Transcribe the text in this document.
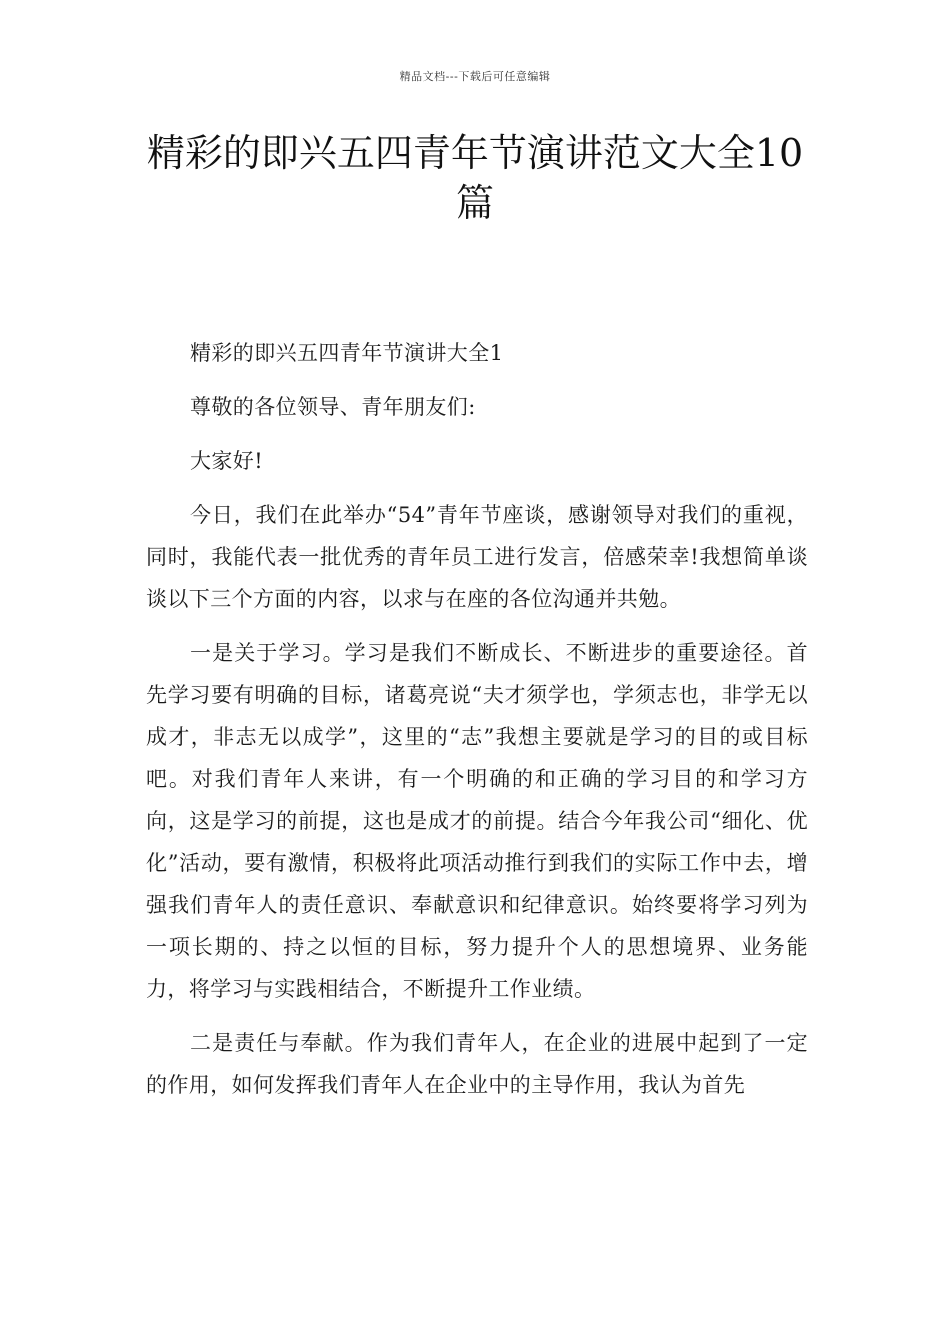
精品文档---下载后可任意编辑
精彩的即兴五四青年节演讲范文大全10篇

精彩的即兴五四青年节演讲大全1

尊敬的各位领导、青年朋友们:

大家好!

今日，我们在此举办“54”青年节座谈，感谢领导对我们的重视，同时，我能代表一批优秀的青年员工进行发言，倍感荣幸!我想简单谈谈以下三个方面的内容，以求与在座的各位沟通并共勉。

一是关于学习。学习是我们不断成长、不断进步的重要途径。首先学习要有明确的目标，诸葛亮说“夫才须学也，学须志也，非学无以成才，非志无以成学”，这里的“志”我想主要就是学习的目的或目标吧。对我们青年人来讲，有一个明确的和正确的学习目的和学习方向，这是学习的前提，这也是成才的前提。结合今年我公司“细化、优化”活动，要有激情，积极将此项活动推行到我们的实际工作中去，增强我们青年人的责任意识、奉献意识和纪律意识。始终要将学习列为一项长期的、持之以恒的目标，努力提升个人的思想境界、业务能力，将学习与实践相结合，不断提升工作业绩。

二是责任与奉献。作为我们青年人，在企业的进展中起到了一定的作用，如何发挥我们青年人在企业中的主导作用，我认为首先
